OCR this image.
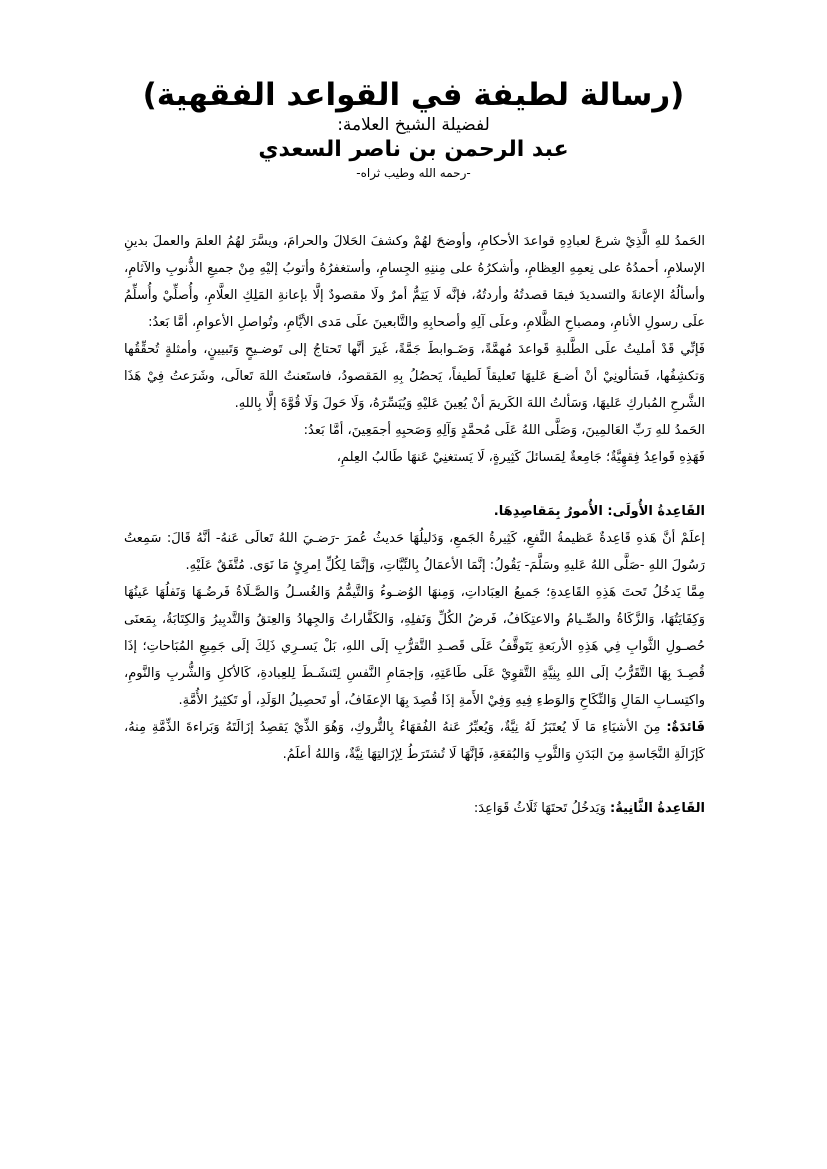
(رسالة لطيفة في القواعد الفقهية)

لفضيلة الشيخ العلامة:

عبد الرحمن بن ناصر السعدي

-رحمه الله وطيب ثراه-

الحَمدُ للهِ الَّذِيْ شرعَ لعبادِهِ قواعدَ الأحكامِ، وأوضحَ لهُمْ وكشفَ الحَلالَ والحرامَ، ويسَّرَ لهُمُ العلمَ والعملَ بدينِ الإسلامِ، أحمدُهُ على نِعمِهِ العِظامِ، وأشكرُهُ على مِننِهِ الجِسامِ، وأستغفرُهُ وأتوبُ إليْهِ مِنْ جميعِ الذُّنوبِ والآثامِ، وأسألُهُ الإعانةَ والتسديدَ فيمَا قصدتُهُ وأردتُهُ، فإنَّه لَا يَتِمُّ أمرٌ ولَا مقصودٌ إلَّا بإعانةِ المَلِكِ العلَّامِ، وأُصلِّيْ وأُسلِّمُ علَى رسولِ الأنامِ، ومصباحِ الظَّلامِ، وعلَى آلِهِ وأصحابِهِ والتَّابعينَ علَى مَدى الأيَّامِ، وتُواصلِ الأعوامِ، أمَّا بَعدُ:

فَإنِّي قَدْ أمليتُ علَى الطَّلبةِ قَواعدَ مُهمَّةً، وَضَـوابطَ جَمَّةً، غَيرَ أنَّها تَحتاجُ إلى تَوضـيحٍ وَتَبيينٍ، وأمثلةٍ تُحقِّقُها وَتكشِفُها، فَسَألونِيْ أنْ أضـعَ عَليهَا تَعليقاً لَطيفاً، يَحصُلُ بِهِ المَقصودُ، فاستَعنتُ اللهَ تَعالَى، وشَرَعتُ فِيْ هَذَا الشَّرحِ المُباركِ عَليهَا، وَسَألتُ اللهَ الكَريمَ أنْ يُعِينَ عَليْهِ وَيُيَسِّرَهُ، وَلَا حَولَ وَلَا قُوَّةَ إلَّا بِاللهِ.

الحَمدُ للهِ رَبِّ العَالمِينَ، وَصَلَّى اللهُ عَلَى مُحمَّدٍ وَآلِهِ وَصَحبِهِ أجمَعِينَ، أمَّا بَعدُ:

فَهَذِهِ قَواعِدُ فِقهِيَّةٌ؛ جَامِعةٌ لِمَسائلَ كَثِيرةٍ، لَا يَستغنِيْ عَنهَا طَالبُ العِلمِ،

القَاعِدةُ الأُولَى: الأُمورُ بِمَقاصِدِهَا.

إعلَمْ أنَّ هَذهِ قَاعِدةٌ عَظيمةُ النَّفعِ، كَثِيرةُ الجَمعِ، وَدَليلُهَا حَديثُ عُمرَ -رَضـيَ اللهُ تَعالَى عَنهُ- أنَّهُ قَالَ: سَمِعتُ رَسُولَ اللهِ -صَلَّى اللهُ عَليهِ وسَلَّمَ- يَقُولُ: إنَّمَا الأعمَالُ بِالنِّيَّاتِ، وَإنَّمَا لِكُلِّ اِمرِئٍ مَا نَوَى. مُتَّفَقٌ عَلَيْهِ.

مِمَّا يَدخُلُ تَحتَ هَذِهِ القَاعِدةِ؛ جَميعُ العِبَاداتِ، وَمِنهَا الوُضـوءُ وَالتَّيمُّمُ وَالغُسـلُ وَالصَّـلَاةُ فَرضُـهَا وَنَفلُهَا عَينُهَا وَكِفَايَتُهَا، وَالزَّكَاةُ والصِّـيامُ والاعتِكَافُ، فَرضُ الكُلِّ وَنَفلِهِ، وَالكَفَّاراتُ وَالجِهادُ وَالعِتقُ وَالتَّدبِيرُ وَالكِتَابَةُ، بِمَعنَى حُصـولِ الثَّوابِ فِي هَذِهِ الأربَعةِ يَتَوقَّفُ عَلَى قَصـدِ التَّقرُّبِ إلَى اللهِ، بَلْ يَسـرِي ذَلِكَ إلَى جَمِيعِ المُبَاحاتِ؛ إذَا قُصِـدَ بِهَا التَّقَرُّبُ إلَى اللهِ بِنِيَّةِ التَّقوِيْ عَلَى طَاعَتِهِ، وَإجمَامِ النَّفسِ لِتَنشَـطَ لِلعِبادةِ، كَالأكلِ وَالشُّربِ وَالنَّومِ، واكتِسـابِ المَالِ وَالنِّكَاحِ وَالوَطءِ فِيهِ وَفِيْ الأَمةِ إذَا قُصِدَ بِهَا الإعفَافُ، أو تَحصِيلُ الوَلَدِ، أو تَكثِيرُ الأُمَّةِ.

فَائدَةٌ: مِنَ الأشيَاءِ مَا لَا يُعتَبَرُ لَهُ نِيَّةٌ، وَيُعبِّرُ عَنهُ الفُقهَاءُ بِالتُّروكِ، وَهُوَ الذِّيْ يَقصِدُ إزَالَتَهُ وَبَراءةَ الذِّمَّةِ مِنهُ، كَإزَالَةِ النَّجَاسةِ مِنَ البَدَنِ وَالثَّوبِ وَالبُقعَةِ، فَإنَّهَا لَا تُشتَرَطُ لِإزَالتِهَا نِيَّةٌ، وَاللهُ أعلَمُ.

القَاعِدةُ الثَّانِيةُ: وَيَدخُلُ تَحتَهَا ثَلَاثُ قَوَاعِدَ:
